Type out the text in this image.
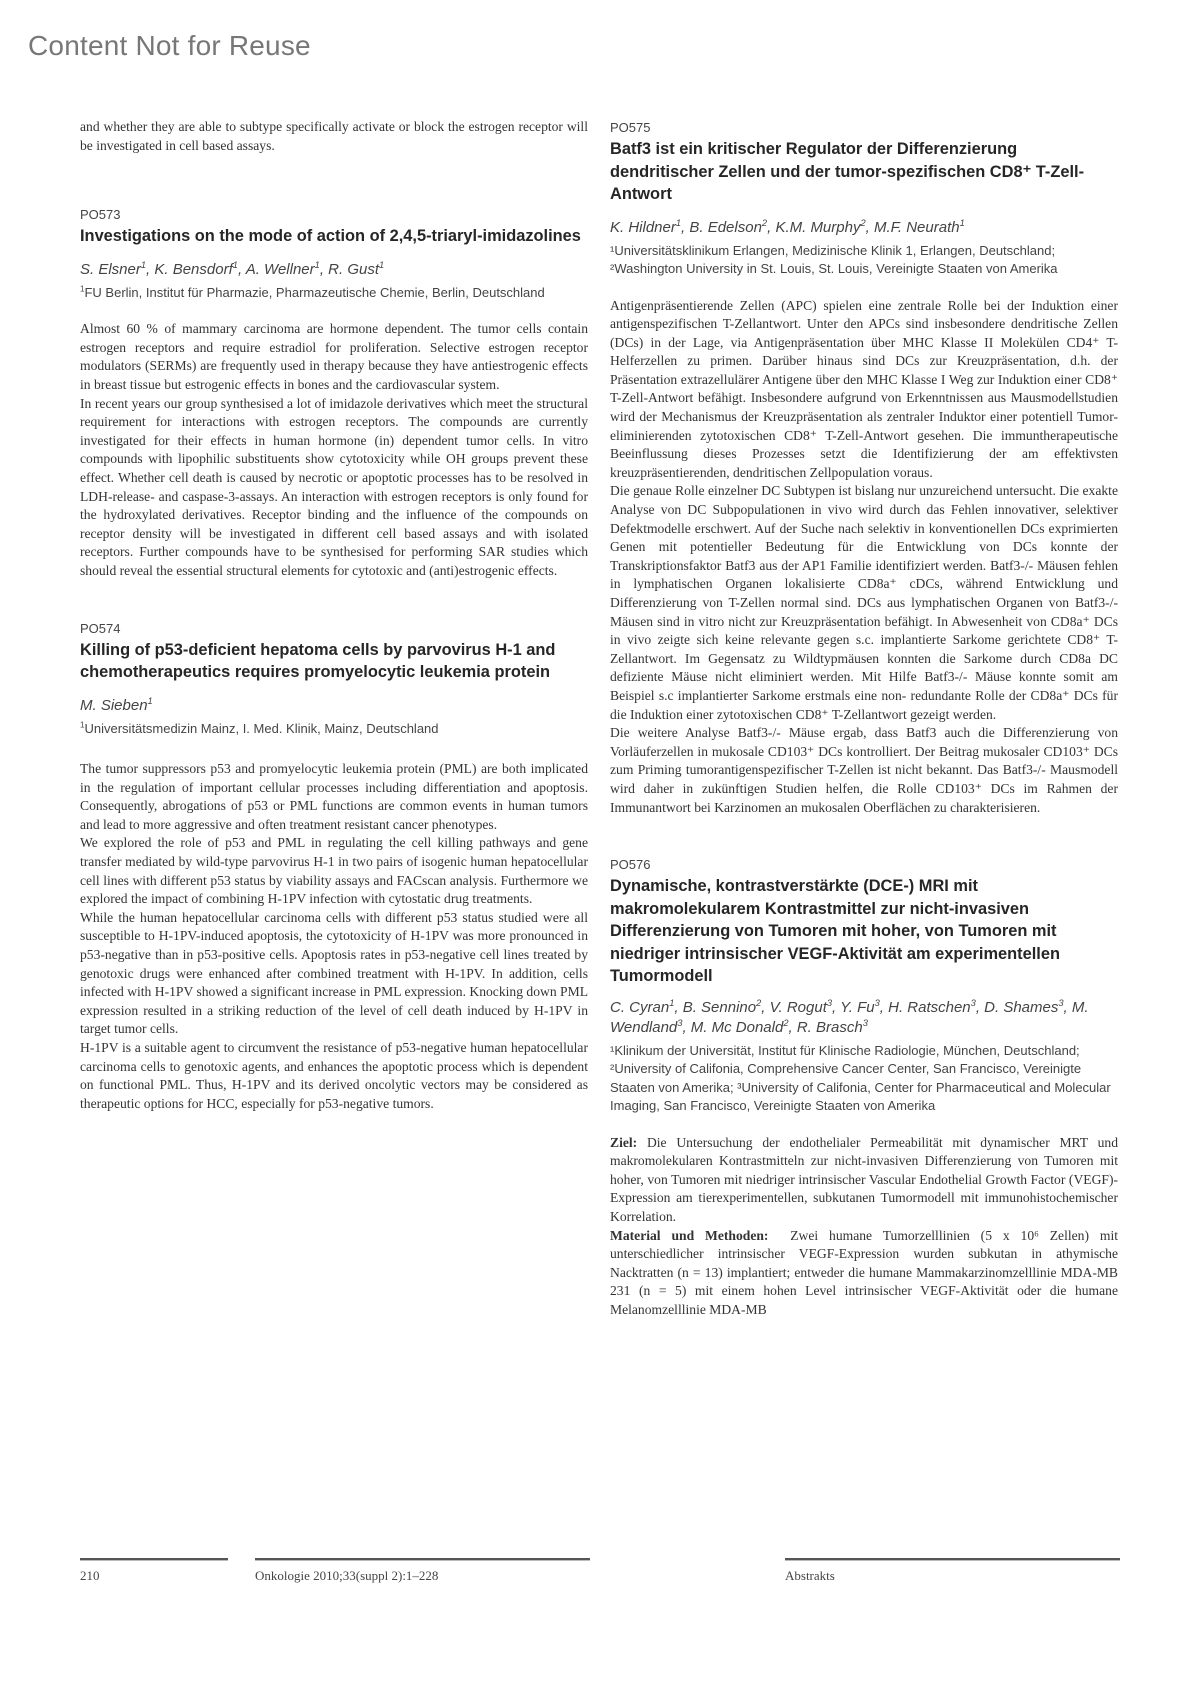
Content Not for Reuse
and whether they are able to subtype specifically activate or block the estrogen receptor will be investigated in cell based assays.
PO573
Investigations on the mode of action of 2,4,5-triaryl-imidazolines
S. Elsner$^1$, K. Bensdorf$^1$, A. Wellner$^1$, R. Gust$^1$
$^1$FU Berlin, Institut für Pharmazie, Pharmazeutische Chemie, Berlin, Deutschland

Almost 60 % of mammary carcinoma are hormone dependent. The tumor cells contain estrogen receptors and require estradiol for proliferation. Selective estrogen receptor modulators (SERMs) are frequently used in therapy because they have antiestrogenic effects in breast tissue but estrogenic effects in bones and the cardiovascular system.

In recent years our group synthesised a lot of imidazole derivatives which meet the structural requirement for interactions with estrogen receptors. The compounds are currently investigated for their effects in human hormone (in) dependent tumor cells. In vitro compounds with lipophilic substituents show cytotoxicity while OH groups prevent these effect. Whether cell death is caused by necrotic or apoptotic processes has to be resolved in LDH-release- and caspase-3-assays. An interaction with estrogen receptors is only found for the hydroxylated derivatives. Receptor binding and the influence of the compounds on receptor density will be investigated in different cell based assays and with isolated receptors. Further compounds have to be synthesised for performing SAR studies which should reveal the essential structural elements for cytotoxic and (anti)estrogenic effects.

PO574
Killing of p53-deficient hepatoma cells by parvovirus H-1 and chemotherapeutics requires promyelocytic leukemia protein
M. Sieben$^1$
$^1$Universitätsmedizin Mainz, I. Med. Klinik, Mainz, Deutschland

The tumor suppressors p53 and promyelocytic leukemia protein (PML) are both implicated in the regulation of important cellular processes including differentiation and apoptosis. Consequently, abrogations of p53 or PML functions are common events in human tumors and lead to more aggressive and often treatment resistant cancer phenotypes.

We explored the role of p53 and PML in regulating the cell killing pathways and gene transfer mediated by wild-type parvovirus H-1 in two pairs of isogenic human hepatocellular cell lines with different p53 status by viability assays and FACscan analysis. Furthermore we explored the impact of combining H-1PV infection with cytostatic drug treatments.

While the human hepatocellular carcinoma cells with different p53 status studied were all susceptible to H-1PV-induced apoptosis, the cytotoxicity of H-1PV was more pronounced in p53-negative than in p53-positive cells. Apoptosis rates in p53-negative cell lines treated by genotoxic drugs were enhanced after combined treatment with H-1PV. In addition, cells infected with H-1PV showed a significant increase in PML expression. Knocking down PML expression resulted in a striking reduction of the level of cell death induced by H-1PV in target tumor cells.

H-1PV is a suitable agent to circumvent the resistance of p53-negative human hepatocellular carcinoma cells to genotoxic agents, and enhances the apoptotic process which is dependent on functional PML. Thus, H-1PV and its derived oncolytic vectors may be considered as therapeutic options for HCC, especially for p53-negative tumors.

PO575
Batf3 ist ein kritischer Regulator der Differenzierung dendritischer Zellen und der tumor-spezifischen CD8⁺ T-Zell-Antwort
K. Hildner$^1$, B. Edelson$^2$, K.M. Murphy$^2$, M.F. Neurath$^1$
¹Universitätsklinikum Erlangen, Medizinische Klinik 1, Erlangen, Deutschland; ²Washington University in St. Louis, St. Louis, Vereinigte Staaten von Amerika

Antigenpräsentierende Zellen (APC) spielen eine zentrale Rolle bei der Induktion einer antigenspezifischen T-Zellantwort. Unter den APCs sind insbesondere dendritische Zellen (DCs) in der Lage, via Antigenpräsentation über MHC Klasse II Molekülen CD4⁺ T-Helferzellen zu primen. Darüber hinaus sind DCs zur Kreuzpräsentation, d.h. der Präsentation extrazellulärer Antigene über den MHC Klasse I Weg zur Induktion einer CD8⁺ T-Zell-Antwort befähigt. Insbesondere aufgrund von Erkenntnissen aus Mausmodellstudien wird der Mechanismus der Kreuzpräsentation als zentraler Induktor einer potentiell Tumor-eliminierenden zytotoxischen CD8⁺ T-Zell-Antwort gesehen. Die immuntherapeutische Beeinflussung dieses Prozesses setzt die Identifizierung der am effektivsten kreuzpräsentierenden, dendritischen Zellpopulation voraus.

Die genaue Rolle einzelner DC Subtypen ist bislang nur unzureichend untersucht. Die exakte Analyse von DC Subpopulationen in vivo wird durch das Fehlen innovativer, selektiver Defektmodelle erschwert. Auf der Suche nach selektiv in konventionellen DCs exprimierten Genen mit potentieller Bedeutung für die Entwicklung von DCs konnte der Transkriptionsfaktor Batf3 aus der AP1 Familie identifiziert werden. Batf3-/- Mäusen fehlen in lymphatischen Organen lokalisierte CD8a⁺ cDCs, während Entwicklung und Differenzierung von T-Zellen normal sind. DCs aus lymphatischen Organen von Batf3-/- Mäusen sind in vitro nicht zur Kreuzpräsentation befähigt. In Abwesenheit von CD8a⁺ DCs in vivo zeigte sich keine relevante gegen s.c. implantierte Sarkome gerichtete CD8⁺ T-Zellantwort. Im Gegensatz zu Wildtypmäusen konnten die Sarkome durch CD8a DC defiziente Mäuse nicht eliminiert werden. Mit Hilfe Batf3-/- Mäuse konnte somit am Beispiel s.c implantierter Sarkome erstmals eine non- redundante Rolle der CD8a⁺ DCs für die Induktion einer zytotoxischen CD8⁺ T-Zellantwort gezeigt werden.

Die weitere Analyse Batf3-/- Mäuse ergab, dass Batf3 auch die Differenzierung von Vorläuferzellen in mukosale CD103⁺ DCs kontrolliert. Der Beitrag mukosaler CD103⁺ DCs zum Priming tumorantigenspezifischer T-Zellen ist nicht bekannt. Das Batf3-/- Mausmodell wird daher in zukünftigen Studien helfen, die Rolle CD103⁺ DCs im Rahmen der Immunantwort bei Karzinomen an mukosalen Oberflächen zu charakterisieren.

PO576
Dynamische, kontrastverstärkte (DCE-) MRI mit makromolekularem Kontrastmittel zur nicht-invasiven Differenzierung von Tumoren mit hoher, von Tumoren mit niedriger intrinsischer VEGF-Aktivität am experimentellen Tumormodell
C. Cyran$^1$, B. Sennino$^2$, V. Rogut$^3$, Y. Fu$^3$, H. Ratschen$^3$, D. Shames$^3$, M. Wendland$^3$, M. Mc Donald$^2$, R. Brasch$^3$
¹Klinikum der Universität, Institut für Klinische Radiologie, München, Deutschland; ²University of Califonia, Comprehensive Cancer Center, San Francisco, Vereinigte Staaten von Amerika; ³University of Califonia, Center for Pharmaceutical and Molecular Imaging, San Francisco, Vereinigte Staaten von Amerika

Ziel: Die Untersuchung der endothelialer Permeabilität mit dynamischer MRT und makromolekularen Kontrastmitteln zur nicht-invasiven Differenzierung von Tumoren mit hoher, von Tumoren mit niedriger intrinsischer Vascular Endothelial Growth Factor (VEGF)-Expression am tierexperimentellen, subkutanen Tumormodell mit immunohistochemischer Korrelation.

Material und Methoden: Zwei humane Tumorzelllinien (5 x 10⁶ Zellen) mit unterschiedlicher intrinsischer VEGF-Expression wurden subkutan in athymische Nacktratten (n = 13) implantiert; entweder die humane Mammakarzinomzelllinie MDA-MB 231 (n = 5) mit einem hohen Level intrinsischer VEGF-Aktivität oder die humane Melanomzelllinie MDA-MB

210	Onkologie 2010;33(suppl 2):1–228	Abstrakts
